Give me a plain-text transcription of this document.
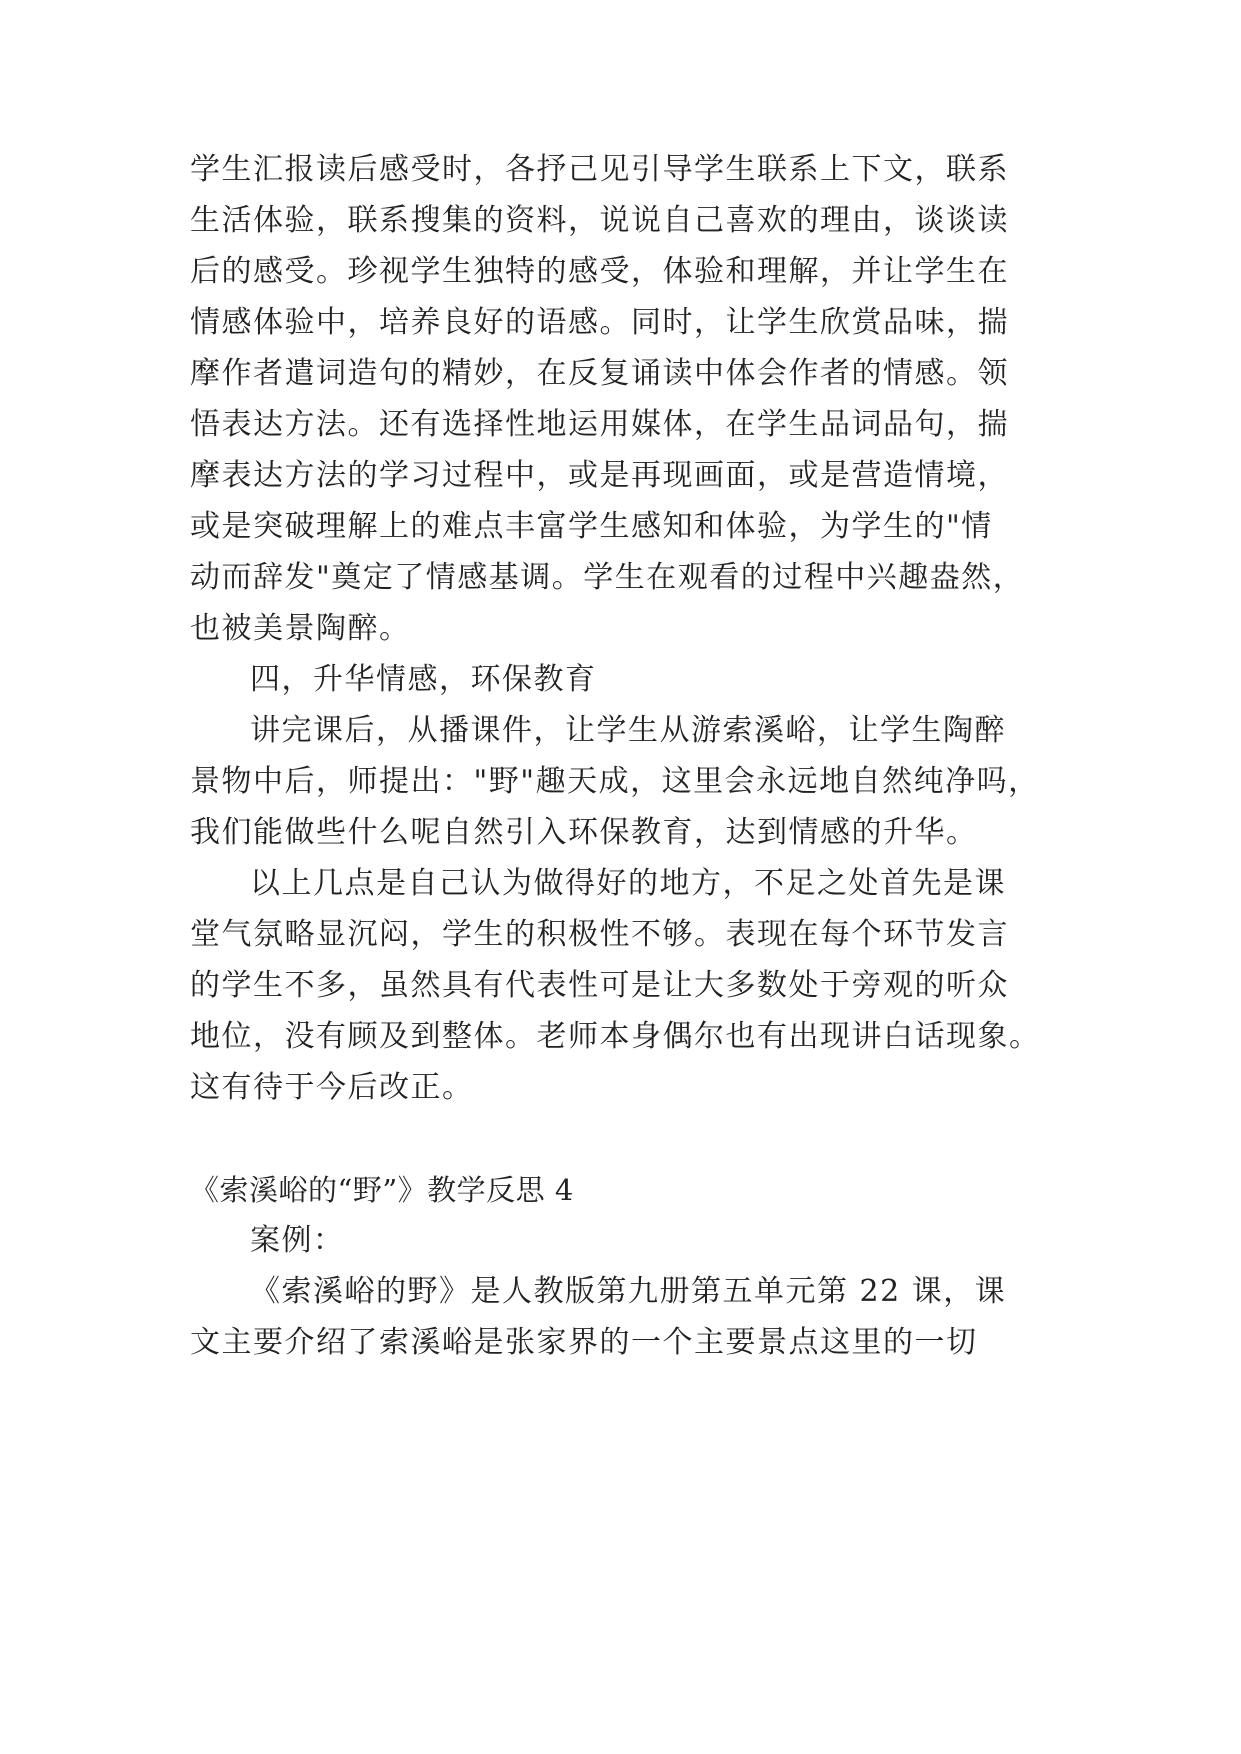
学生汇报读后感受时，各抒己见引导学生联系上下文，联系
生活体验，联系搜集的资料，说说自己喜欢的理由，谈谈读
后的感受。珍视学生独特的感受，体验和理解，并让学生在
情感体验中，培养良好的语感。同时，让学生欣赏品味，揣
摩作者遣词造句的精妙，在反复诵读中体会作者的情感。领
悟表达方法。还有选择性地运用媒体，在学生品词品句，揣
摩表达方法的学习过程中，或是再现画面，或是营造情境，
或是突破理解上的难点丰富学生感知和体验，为学生的"情
动而辞发"奠定了情感基调。学生在观看的过程中兴趣盎然，
也被美景陶醉。
四，升华情感，环保教育
讲完课后，从播课件，让学生从游索溪峪，让学生陶醉
景物中后，师提出："野"趣天成，这里会永远地自然纯净吗，
我们能做些什么呢自然引入环保教育，达到情感的升华。
以上几点是自己认为做得好的地方，不足之处首先是课
堂气氛略显沉闷，学生的积极性不够。表现在每个环节发言
的学生不多，虽然具有代表性可是让大多数处于旁观的听众
地位，没有顾及到整体。老师本身偶尔也有出现讲白话现象。
这有待于今后改正。
《索溪峪的“野”》教学反思 4
案例：
《索溪峪的野》是人教版第九册第五单元第 22 课，课
文主要介绍了索溪峪是张家界的一个主要景点这里的一切
